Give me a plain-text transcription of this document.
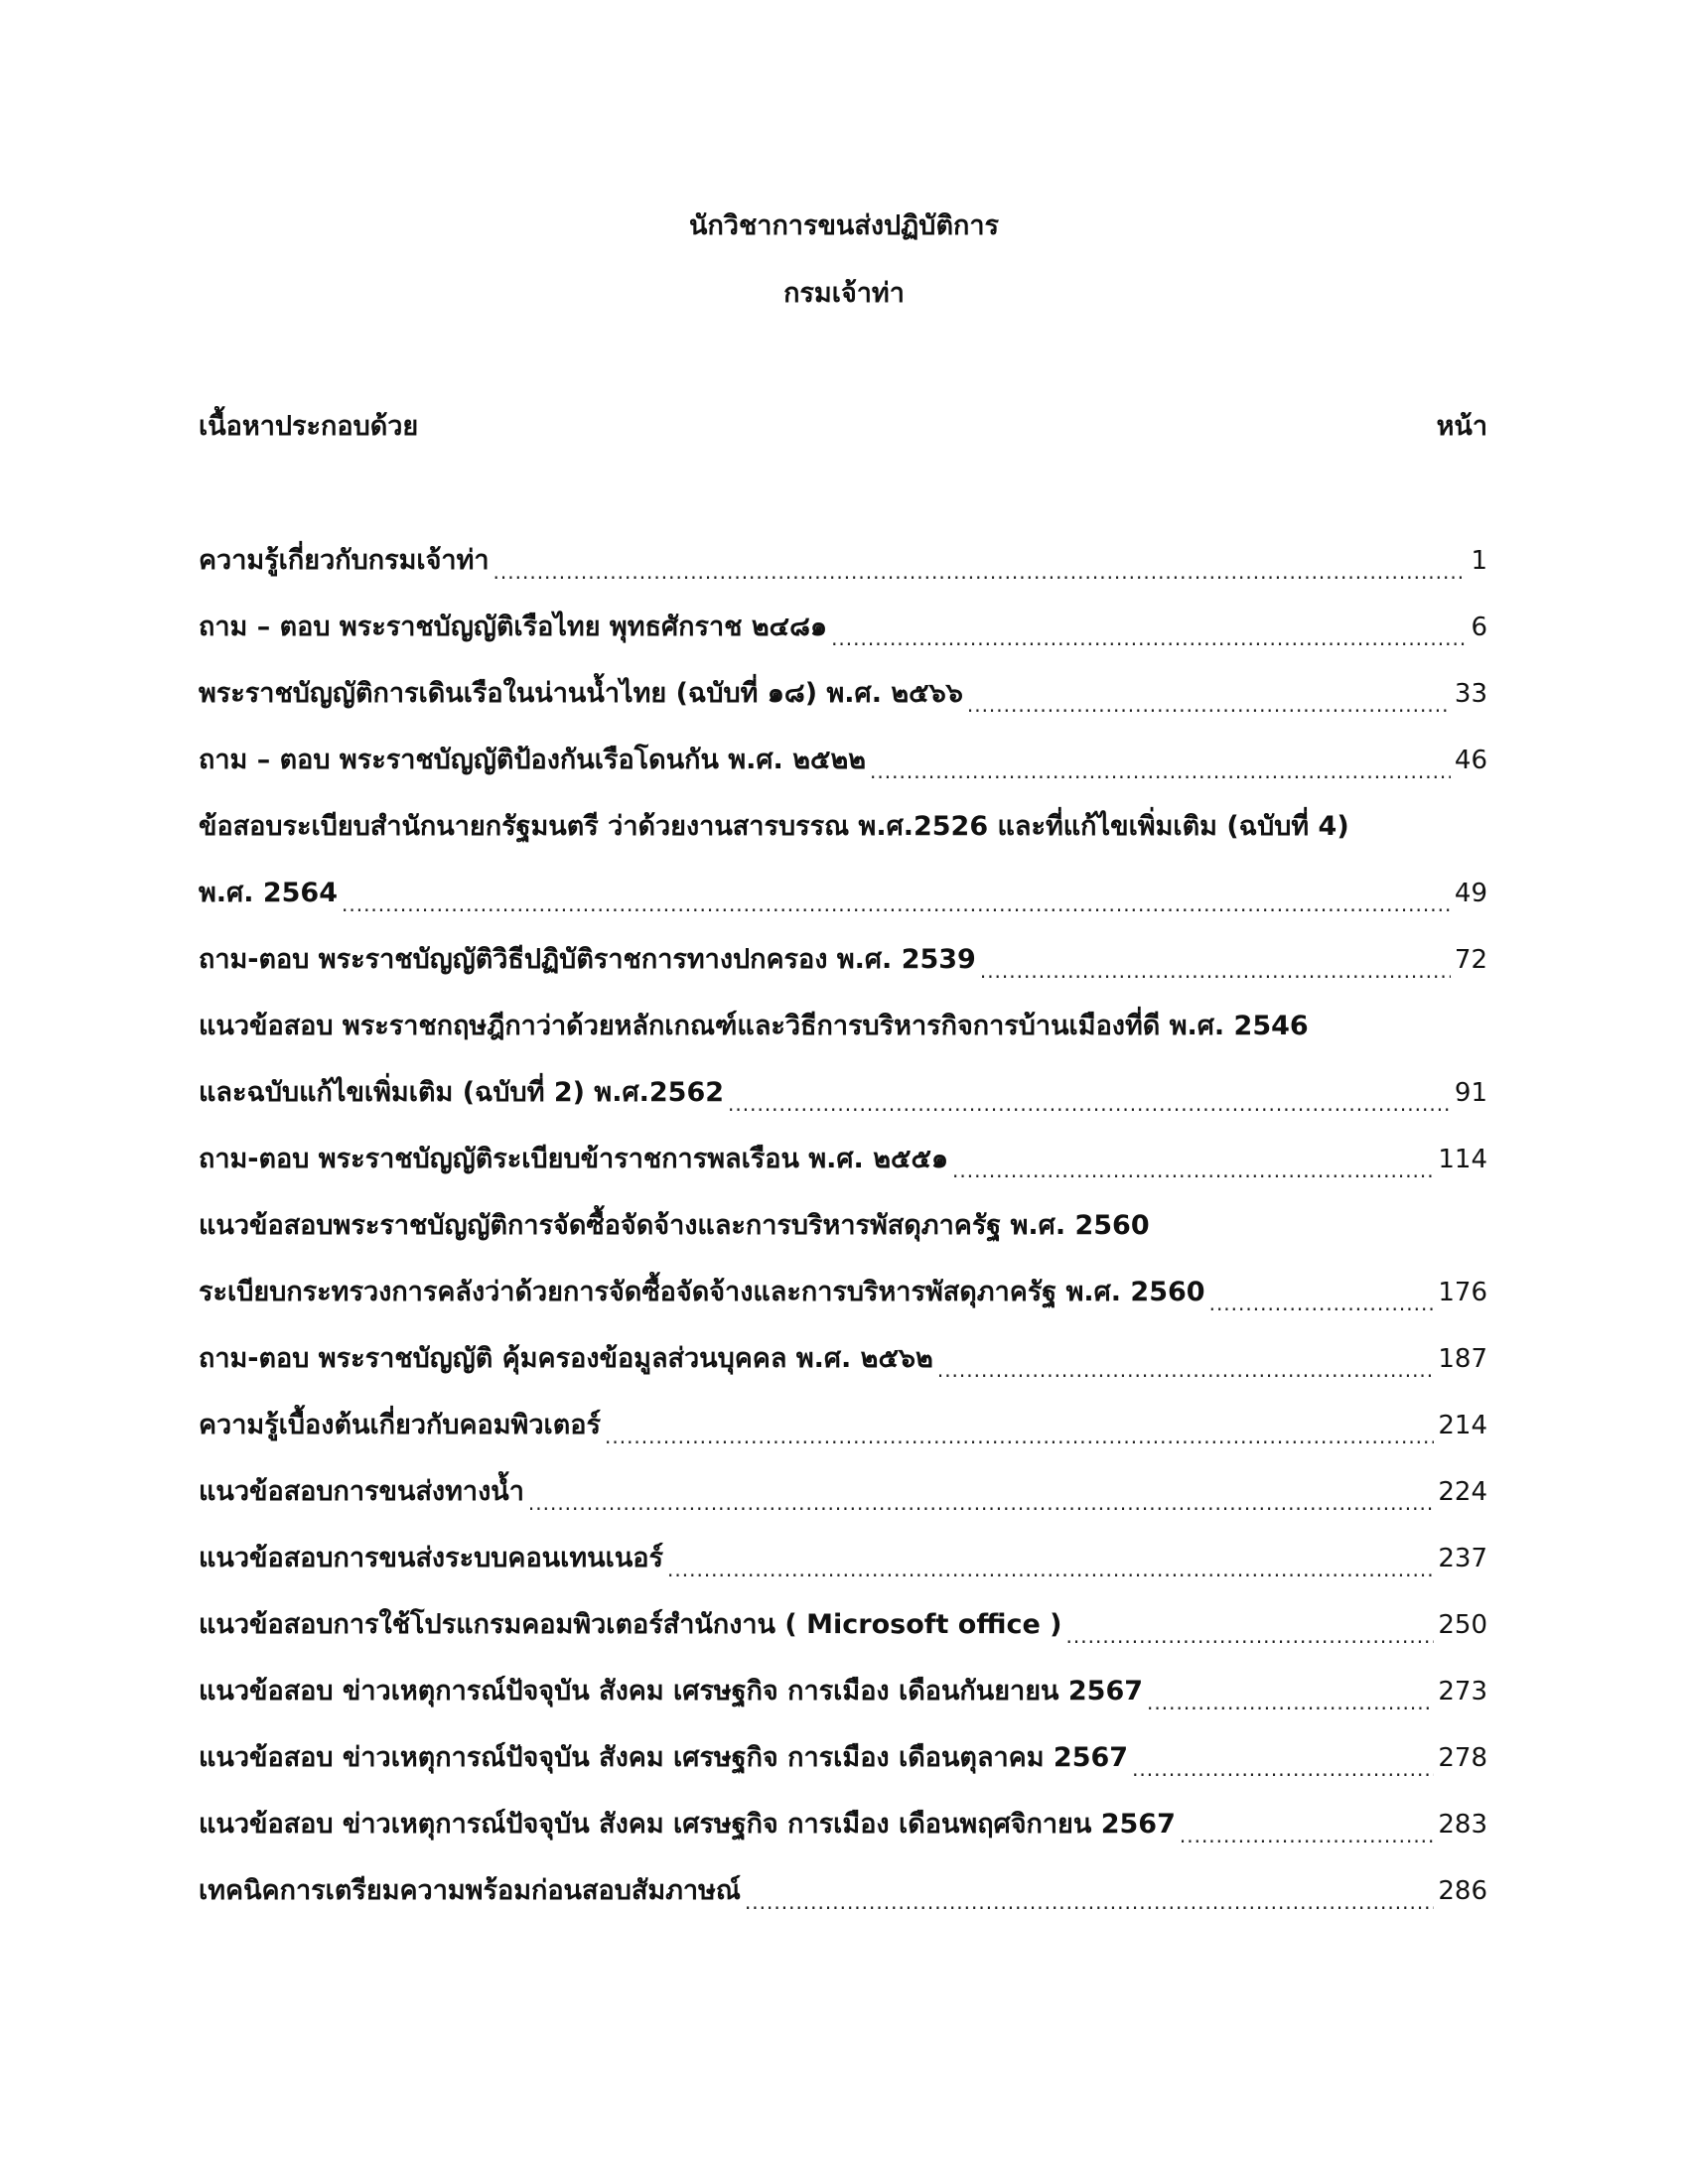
นักวิชาการขนส่งปฏิบัติการ
กรมเจ้าท่า
เนื้อหาประกอบด้วย	หน้า
ความรู้เกี่ยวกับกรมเจ้าท่า .....	1
ถาม – ตอบ พระราชบัญญัติเรือไทย พุทธศักราช ๒๔๘๑ .....	6
พระราชบัญญัติการเดินเรือในน่านน้ำไทย (ฉบับที่ ๑๘) พ.ศ. ๒๕๖๖ .....	33
ถาม – ตอบ พระราชบัญญัติป้องกันเรือโดนกัน พ.ศ. ๒๕๒๒ .....	46
ข้อสอบระเบียบสำนักนายกรัฐมนตรี ว่าด้วยงานสารบรรณ พ.ศ.2526 และที่แก้ไขเพิ่มเติม (ฉบับที่ 4)
พ.ศ. 2564 .....	49
ถาม-ตอบ พระราชบัญญัติวิธีปฏิบัติราชการทางปกครอง พ.ศ. 2539 .....	72
แนวข้อสอบ พระราชกฤษฎีกาว่าด้วยหลักเกณฑ์และวิธีการบริหารกิจการบ้านเมืองที่ดี พ.ศ. 2546
และฉบับแก้ไขเพิ่มเติม (ฉบับที่ 2) พ.ศ.2562 .....	91
ถาม-ตอบ พระราชบัญญัติระเบียบข้าราชการพลเรือน พ.ศ. ๒๕๕๑ .....	114
แนวข้อสอบพระราชบัญญัติการจัดซื้อจัดจ้างและการบริหารพัสดุภาครัฐ พ.ศ. 2560
ระเบียบกระทรวงการคลังว่าด้วยการจัดซื้อจัดจ้างและการบริหารพัสดุภาครัฐ พ.ศ. 2560 .....	176
ถาม-ตอบ พระราชบัญญัติ คุ้มครองข้อมูลส่วนบุคคล พ.ศ. ๒๕๖๒ .....	187
ความรู้เบื้องต้นเกี่ยวกับคอมพิวเตอร์ .....	214
แนวข้อสอบการขนส่งทางน้ำ .....	224
แนวข้อสอบการขนส่งระบบคอนเทนเนอร์ .....	237
แนวข้อสอบการใช้โปรแกรมคอมพิวเตอร์สำนักงาน ( Microsoft office ) .....	250
แนวข้อสอบ ข่าวเหตุการณ์ปัจจุบัน สังคม เศรษฐกิจ การเมือง เดือนกันยายน 2567 .....	273
แนวข้อสอบ ข่าวเหตุการณ์ปัจจุบัน สังคม เศรษฐกิจ การเมือง เดือนตุลาคม 2567 .....	278
แนวข้อสอบ ข่าวเหตุการณ์ปัจจุบัน สังคม เศรษฐกิจ การเมือง เดือนพฤศจิกายน 2567 .....	283
เทคนิคการเตรียมความพร้อมก่อนสอบสัมภาษณ์ .....	286
